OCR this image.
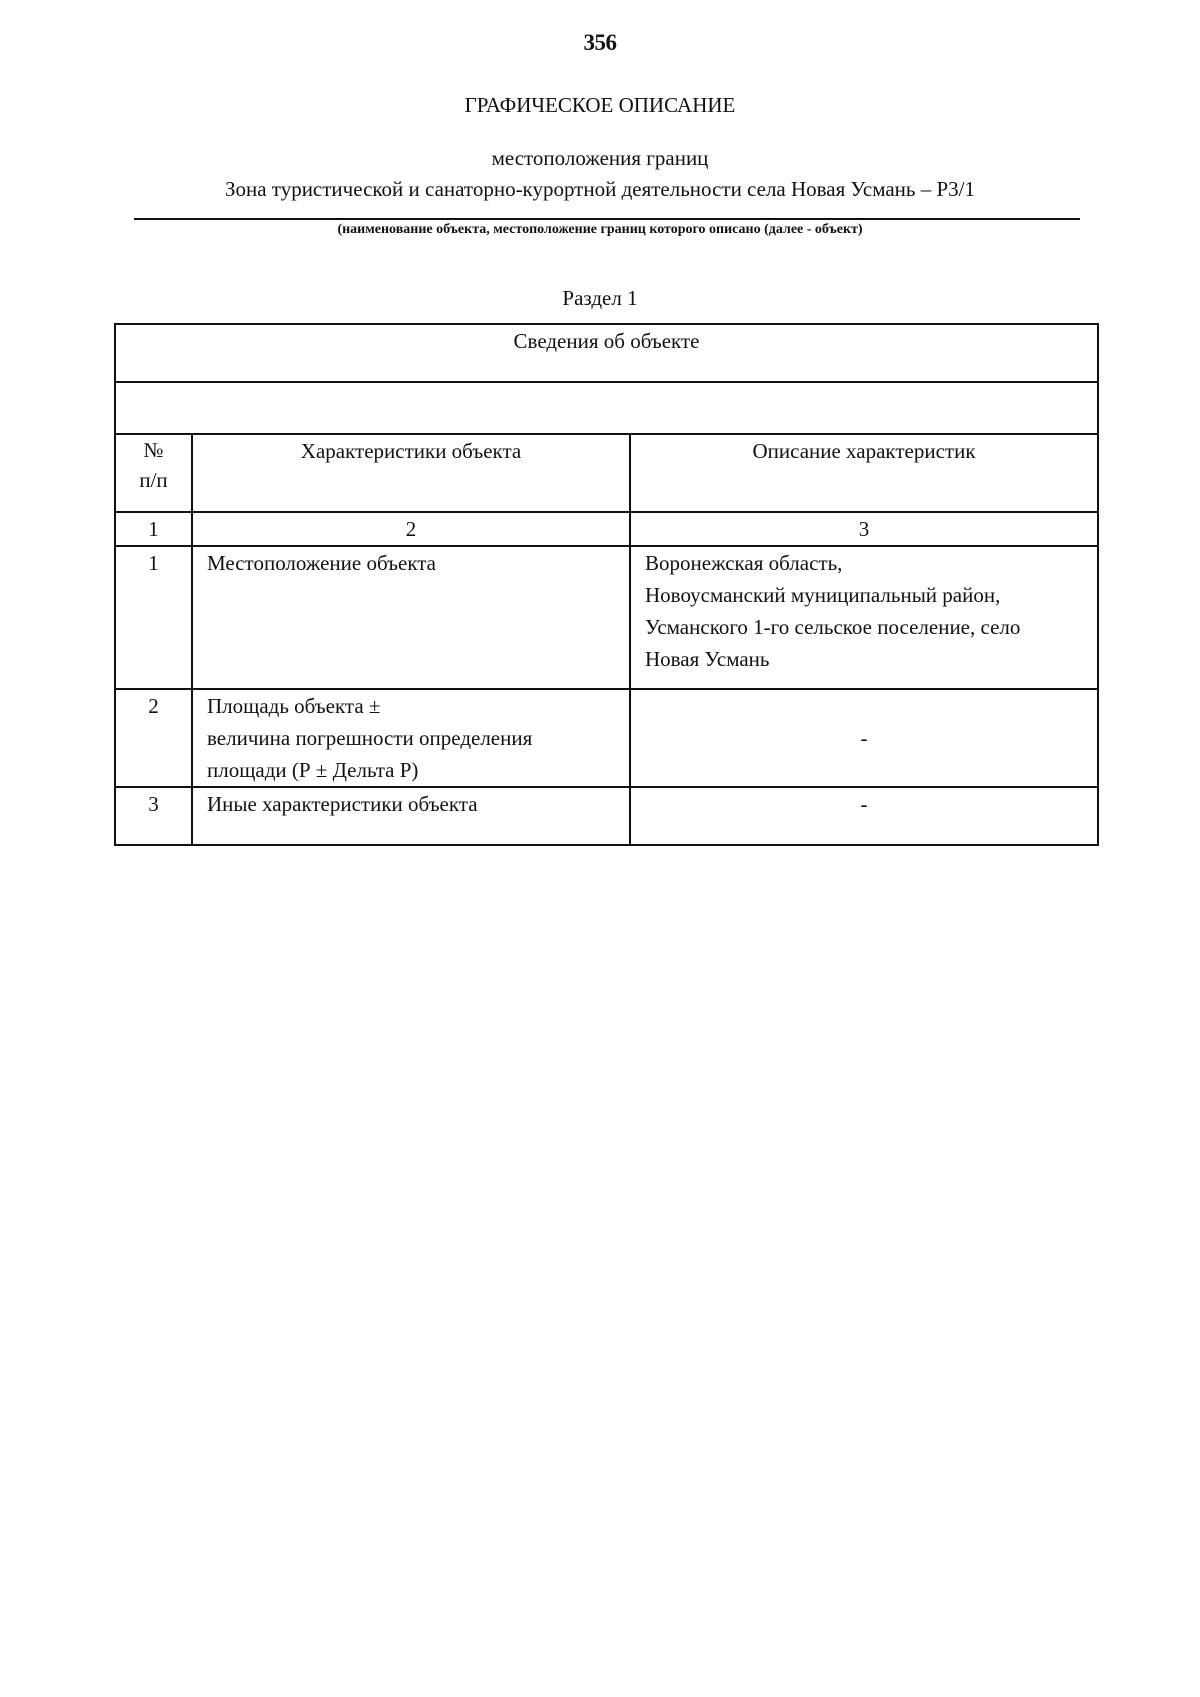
356
ГРАФИЧЕСКОЕ ОПИСАНИЕ
местоположения границ
Зона туристической и санаторно-курортной деятельности села Новая Усмань – Р3/1
(наименование объекта, местоположение границ которого описано (далее - объект)
Раздел 1
Сведения об объекте		

№
п/п	Характеристики объекта	Описание характеристик
1	2	3
1	Местоположение объекта	Воронежская область,
Новоусманский муниципальный район,
Усманского 1-го сельское поселение, село
Новая Усмань

2	Площадь объекта ±
величина погрешности определения
площади (Р ± Дельта Р)	-
3	Иные характеристики объекта	-
